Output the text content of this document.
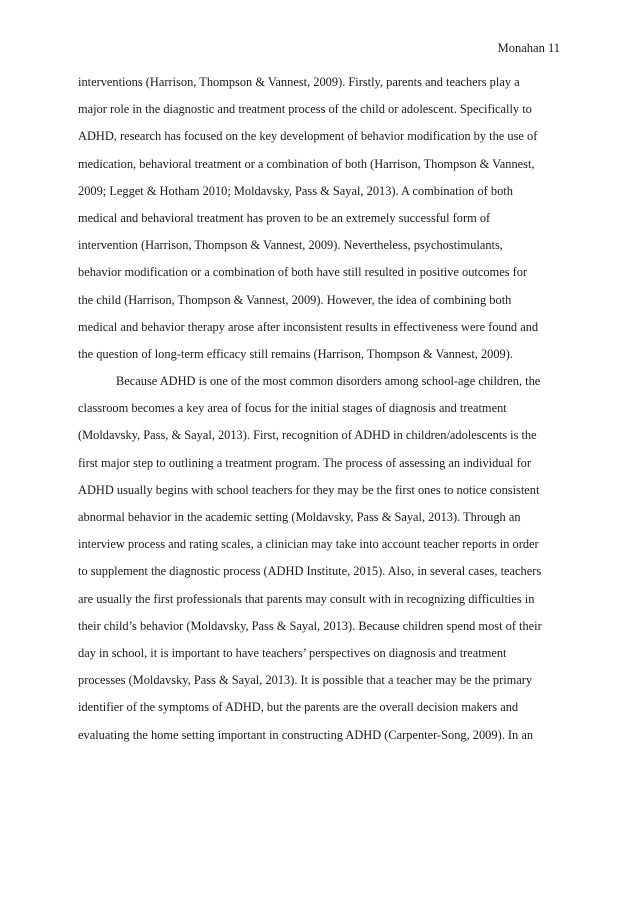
Monahan 11
interventions (Harrison, Thompson & Vannest, 2009). Firstly, parents and teachers play a
major role in the diagnostic and treatment process of the child or adolescent. Specifically to
ADHD, research has focused on the key development of behavior modification by the use of
medication, behavioral treatment or a combination of both (Harrison, Thompson & Vannest,
2009; Legget & Hotham 2010; Moldavsky, Pass & Sayal, 2013). A combination of both
medical and behavioral treatment has proven to be an extremely successful form of
intervention (Harrison, Thompson & Vannest, 2009). Nevertheless, psychostimulants,
behavior modification or a combination of both have still resulted in positive outcomes for
the child (Harrison, Thompson & Vannest, 2009). However, the idea of combining both
medical and behavior therapy arose after inconsistent results in effectiveness were found and
the question of long-term efficacy still remains (Harrison, Thompson & Vannest, 2009).
Because ADHD is one of the most common disorders among school-age children, the
classroom becomes a key area of focus for the initial stages of diagnosis and treatment
(Moldavsky, Pass, & Sayal, 2013). First, recognition of ADHD in children/adolescents is the
first major step to outlining a treatment program. The process of assessing an individual for
ADHD usually begins with school teachers for they may be the first ones to notice consistent
abnormal behavior in the academic setting (Moldavsky, Pass & Sayal, 2013). Through an
interview process and rating scales, a clinician may take into account teacher reports in order
to supplement the diagnostic process (ADHD Institute, 2015). Also, in several cases, teachers
are usually the first professionals that parents may consult with in recognizing difficulties in
their child’s behavior (Moldavsky, Pass & Sayal, 2013). Because children spend most of their
day in school, it is important to have teachers’ perspectives on diagnosis and treatment
processes (Moldavsky, Pass & Sayal, 2013). It is possible that a teacher may be the primary
identifier of the symptoms of ADHD, but the parents are the overall decision makers and
evaluating the home setting important in constructing ADHD (Carpenter-Song, 2009). In an
